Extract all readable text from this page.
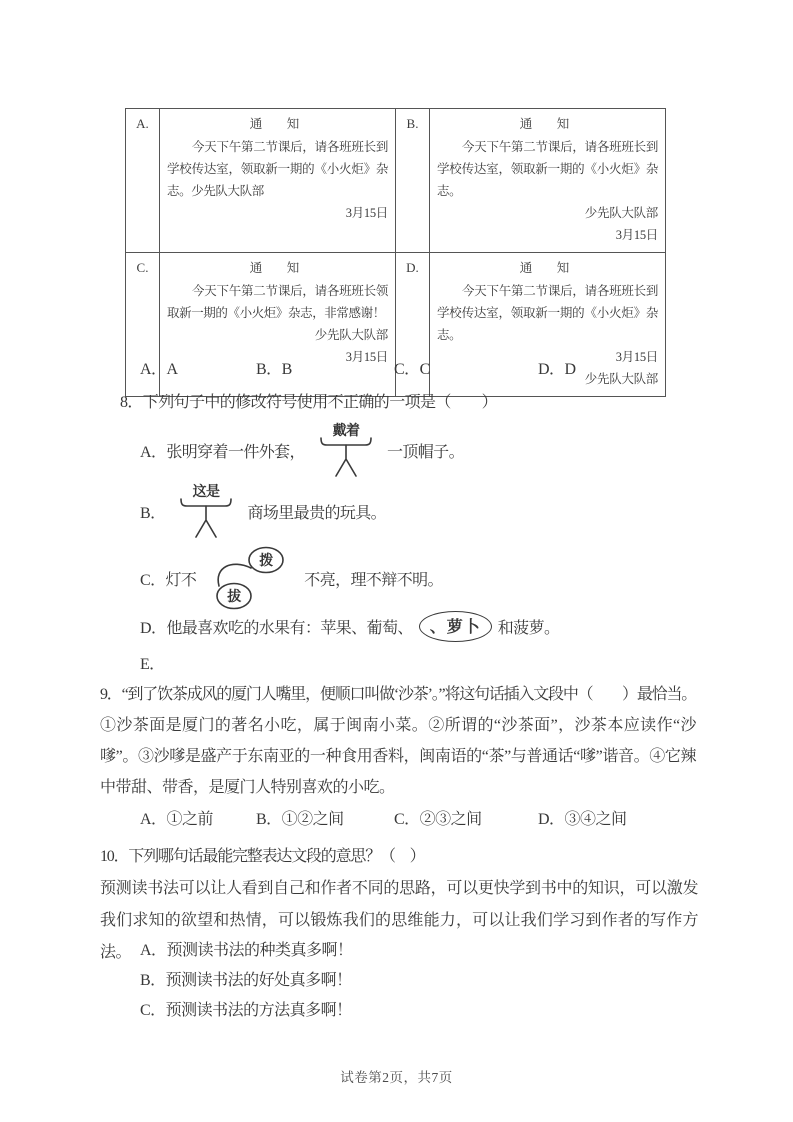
A.	通　知
今天下午第二节课后，请各班班长到学校传达室，领取新一期的《小火炬》杂志。少先队大队部
3月15日
	B.	通　知
今天下午第二节课后，请各班班长到学校传达室，领取新一期的《小火炬》杂志。
少先队大队部
3月15日

C.	通　知
今天下午第二节课后，请各班班长领取新一期的《小火炬》杂志，非常感谢！
少先队大队部
3月15日
	D.	通　知
今天下午第二节课后，请各班班长到学校传达室，领取新一期的《小火炬》杂志。
3月15日
少先队大队部
A．A	B．B	C．C	D．D
8．下列句子中的修改符号使用不正确的一项是（　　）
A． 张明穿着一件外套，
戴着
一顶帽子。
B．
这是
商场里最贵的玩具。
C． 灯不
拨
拔
不亮，理不辩不明。
D． 他最喜欢吃的水果有：苹果、葡萄、	、萝卜	和菠萝。
E．
9．“到了饮茶成风的厦门人嘴里，便顺口叫做‘沙茶’。”将这句话插入文段中（　　）最恰当。
①沙茶面是厦门的著名小吃，属于闽南小菜。②所谓的“沙茶面”，沙茶本应读作“沙嗲”。③沙嗲是盛产于东南亚的一种食用香料，闽南语的“茶”与普通话“嗲”谐音。④它辣中带甜、带香，是厦门人特别喜欢的小吃。
A．①之前	B．①②之间	C．②③之间	D．③④之间
10．下列哪句话最能完整表达文段的意思？（　）
预测读书法可以让人看到自己和作者不同的思路，可以更快学到书中的知识，可以激发我们求知的欲望和热情，可以锻炼我们的思维能力，可以让我们学习到作者的写作方法。 A．预测读书法的种类真多啊！
B．预测读书法的好处真多啊！
C．预测读书法的方法真多啊！
试卷第2页，共7页
